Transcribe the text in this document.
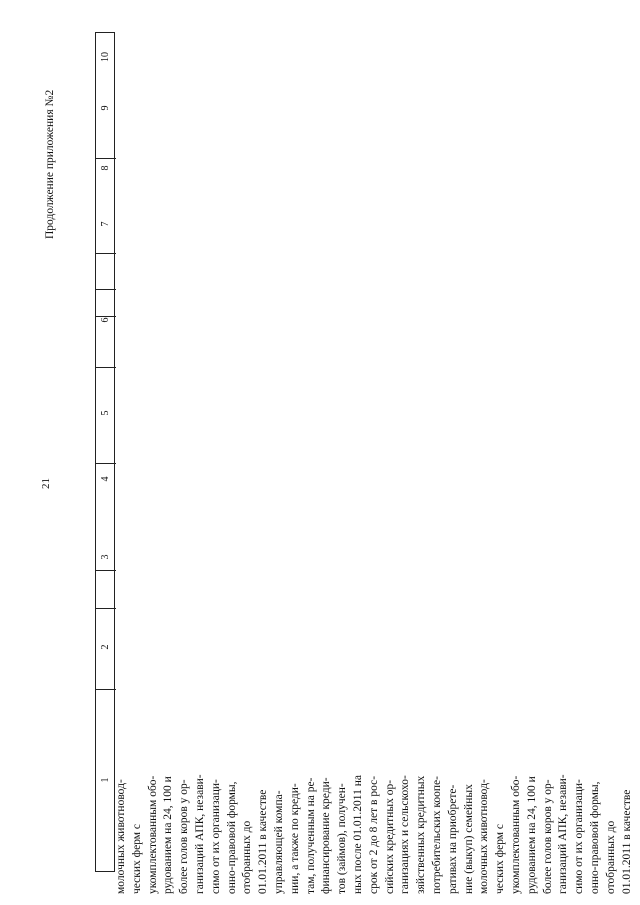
21
Продолжение приложения №2
10
9
8
7
6
5
4
3
2
1 молочных животновод- ческих ферм с укомплектованным обо- рудованием на 24, 100 и более голов коров у ор- ганизаций АПК, незави- симо от их организаци- онно-правовой формы, отобранных до 01.01.2011 в качестве управляющей компа- нии, а также по креди- там, полученным на ре- финансирование креди- тов (займов), получен- ных после 01.01.2011 на срок от 2 до 8 лет в рос- сийских кредитных ор- ганизациях и сельскохо- зяйственных кредитных потребительских коопе- ративах на приобрете- ние (выкуп) семейных молочных животновод- ческих ферм с укомплектованным обо- рудованием на 24, 100 и более голов коров у ор- ганизаций АПК, незави- симо от их организаци- онно-правовой формы, отобранных до 01.01.2011 в качестве
